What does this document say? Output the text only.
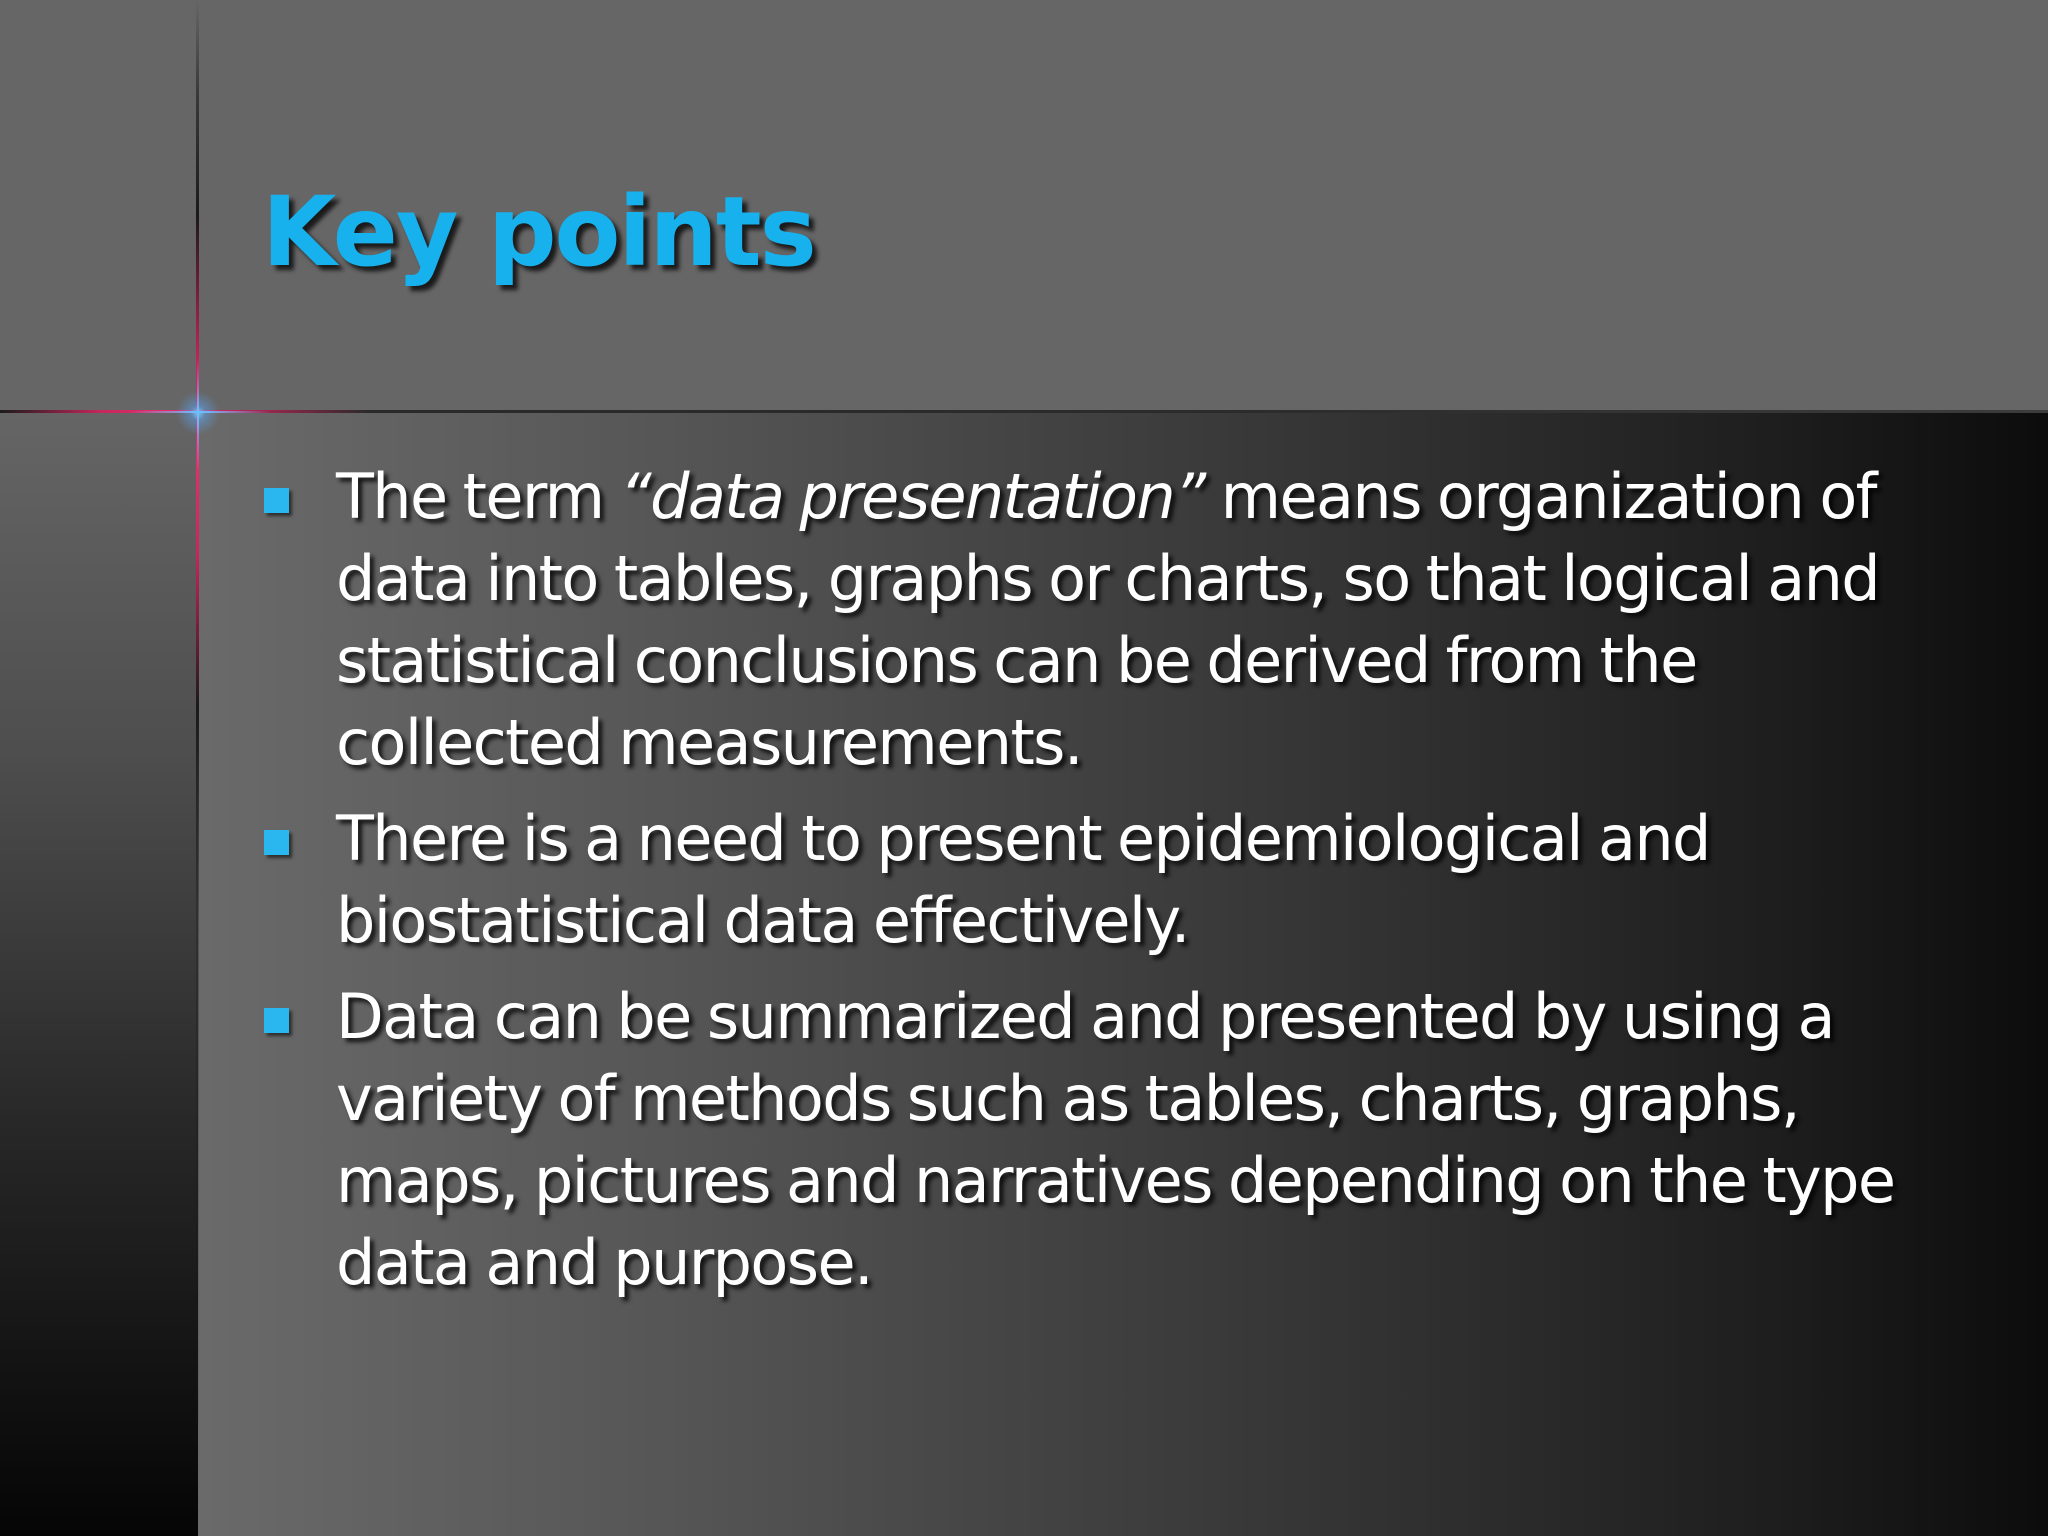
Key points
The term “data presentation” means organization of data into tables, graphs or charts, so that logical and statistical conclusions can be derived from the collected measurements.
There is a need to present epidemiological and biostatistical data effectively.
Data can be summarized and presented by using a variety of methods such as tables, charts, graphs, maps, pictures and narratives depending on the type data and purpose.
